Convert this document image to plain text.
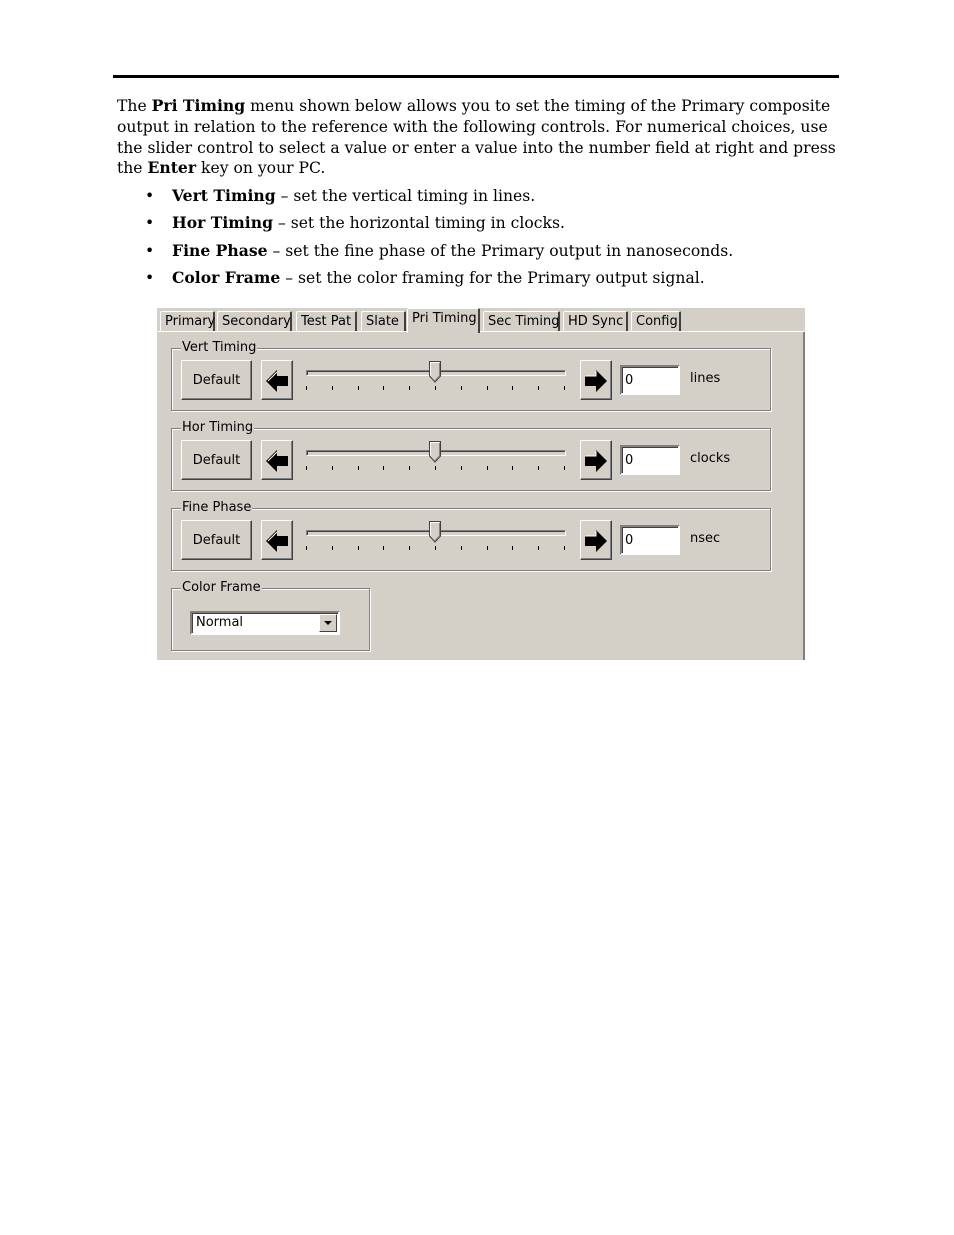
The Pri Timing menu shown below allows you to set the timing of the Primary composite output in relation to the reference with the following controls. For numerical choices, use the slider control to select a value or enter a value into the number field at right and press the Enter key on your PC.

• Vert Timing – set the vertical timing in lines.
• Hor Timing – set the horizontal timing in clocks.
• Fine Phase – set the fine phase of the Primary output in nanoseconds.
• Color Frame – set the color framing for the Primary output signal.
Primary Secondary Test Pat	Slate	Pri Timing Sec Timing HD Sync Config
Vert Timing
Default
0	lines
Hor Timing
Default
0	clocks
Fine Phase
Default
0	nsec
Color Frame
Normal
